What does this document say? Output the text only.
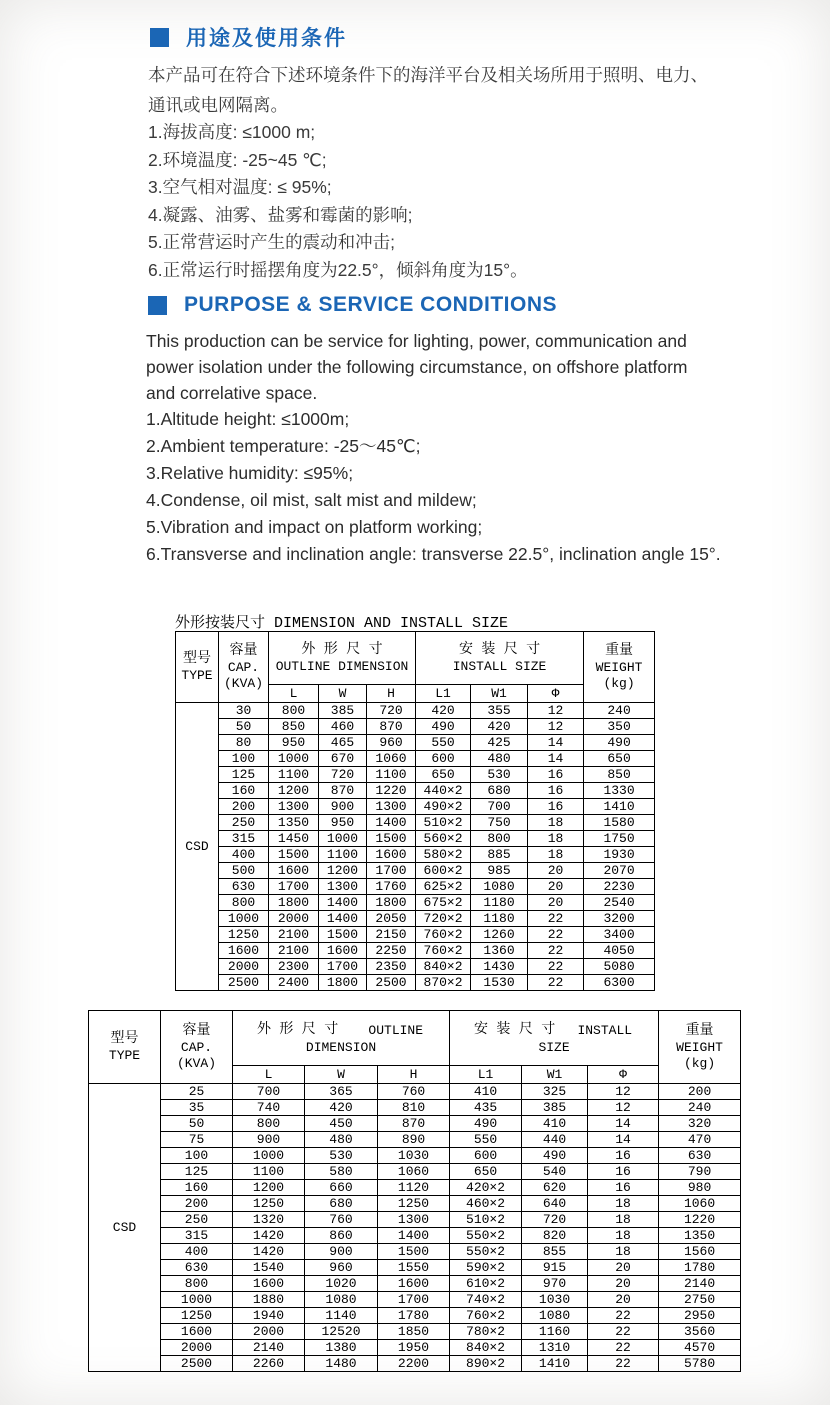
用途及使用条件
本产品可在符合下述环境条件下的海洋平台及相关场所用于照明、电力、
通讯或电网隔离。
1.海拔高度: ≤1000 m;
2.环境温度: -25~45 ℃;
3.空气相对温度: ≤ 95%;
4.凝露、油雾、盐雾和霉菌的影响;
5.正常营运时产生的震动和冲击;
6.正常运行时摇摆角度为22.5°，倾斜角度为15°。
PURPOSE & SERVICE CONDITIONS
This production can be service for lighting, power, communication and
power isolation under the following circumstance, on offshore platform
and correlative space.
1.Altitude height: ≤1000m;
2.Ambient temperature: -25～45℃;
3.Relative humidity: ≤95%;
4.Condense, oil mist, salt mist and mildew;
5.Vibration and impact on platform working;
6.Transverse and inclination angle: transverse 22.5°, inclination angle 15°.
外形按装尺寸 DIMENSION AND INSTALL SIZE
型号
TYPE	容量
CAP.
(KVA)	外 形 尺 寸
OUTLINE DIMENSION			安 装 尺 寸
INSTALL SIZE			重量
WEIGHT
(kg)

		L	W	H	L1	W1	Φ	
CSD	30	800	385	720	420	355	12	240
	50	850	460	870	490	420	12	350
	80	950	465	960	550	425	14	490
	100	1000	670	1060	600	480	14	650
	125	1100	720	1100	650	530	16	850
	160	1200	870	1220	440×2	680	16	1330
	200	1300	900	1300	490×2	700	16	1410
	250	1350	950	1400	510×2	750	18	1580
	315	1450	1000	1500	560×2	800	18	1750
	400	1500	1100	1600	580×2	885	18	1930
	500	1600	1200	1700	600×2	985	20	2070
	630	1700	1300	1760	625×2	1080	20	2230
	800	1800	1400	1800	675×2	1180	20	2540
	1000	2000	1400	2050	720×2	1180	22	3200
	1250	2100	1500	2150	760×2	1260	22	3400
	1600	2100	1600	2250	760×2	1360	22	4050
	2000	2300	1700	2350	840×2	1430	22	5080
	2500	2400	1800	2500	870×2	1530	22	6300
型号
TYPE

容量
CAP.
(KVA)

外 形 尺 寸 OUTLINE
DIMENSION

安 装 尺 寸 INSTALL
SIZE

重量
WEIGHT
(kg)

		L	W	H	L1	W1	Φ	
CSD	25	700	365	760	410	325	12	200
	35	740	420	810	435	385	12	240
	50	800	450	870	490	410	14	320
	75	900	480	890	550	440	14	470
	100	1000	530	1030	600	490	16	630
	125	1100	580	1060	650	540	16	790
	160	1200	660	1120	420×2	620	16	980
	200	1250	680	1250	460×2	640	18	1060
	250	1320	760	1300	510×2	720	18	1220
	315	1420	860	1400	550×2	820	18	1350
	400	1420	900	1500	550×2	855	18	1560
	630	1540	960	1550	590×2	915	20	1780
	800	1600	1020	1600	610×2	970	20	2140
	1000	1880	1080	1700	740×2	1030	20	2750
	1250	1940	1140	1780	760×2	1080	22	2950
	1600	2000	12520	1850	780×2	1160	22	3560
	2000	2140	1380	1950	840×2	1310	22	4570
	2500	2260	1480	2200	890×2	1410	22	5780
